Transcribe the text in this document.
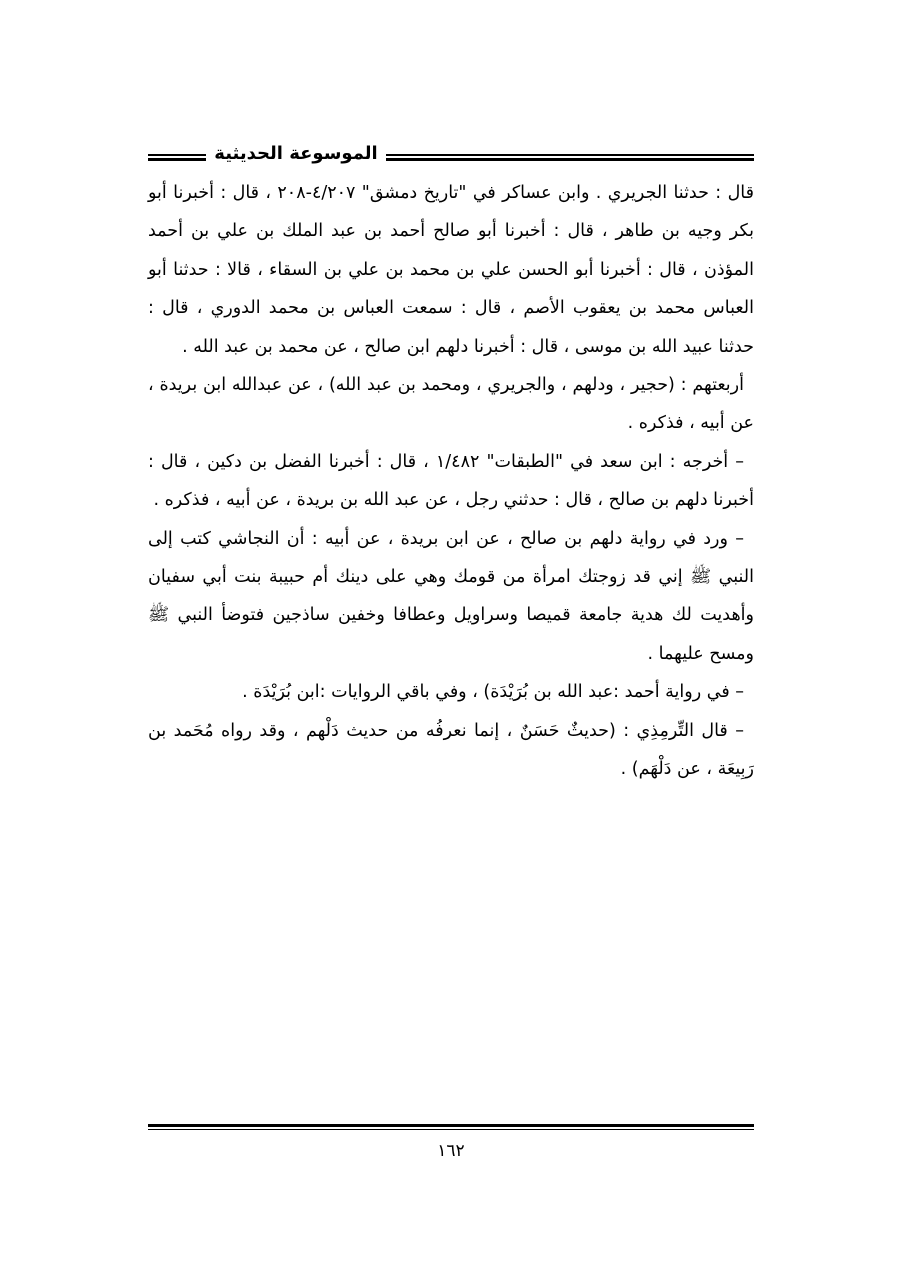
الموسوعة الحديثية

قال : حدثنا الجريري . وابن عساكر في "تاريخ دمشق" ٤/٢٠٧-٢٠٨ ، قال : أخبرنا أبو بكر وجيه بن طاهر ، قال : أخبرنا أبو صالح أحمد بن عبد الملك بن علي بن أحمد المؤذن ، قال : أخبرنا أبو الحسن علي بن محمد بن علي بن السقاء ، قالا : حدثنا أبو العباس محمد بن يعقوب الأصم ، قال : سمعت العباس بن محمد الدوري ، قال : حدثنا عبيد الله بن موسى ، قال : أخبرنا دلهم ابن صالح ، عن محمد بن عبد الله .

أربعتهم : (حجير ، ودلهم ، والجريري ، ومحمد بن عبد الله) ، عن عبدالله ابن بريدة ، عن أبيه ، فذكره .

– أخرجه : ابن سعد في "الطبقات" ١/٤٨٢ ، قال : أخبرنا الفضل بن دكين ، قال : أخبرنا دلهم بن صالح ، قال : حدثني رجل ، عن عبد الله بن بريدة ، عن أبيه ، فذكره .

– ورد في رواية دلهم بن صالح ، عن ابن بريدة ، عن أبيه : أن النجاشي كتب إلى النبي ﷺ إني قد زوجتك امرأة من قومك وهي على دينك أم حبيبة بنت أبي سفيان وأهديت لك هدية جامعة قميصا وسراويل وعطافا وخفين ساذجين فتوضأ النبي ﷺ ومسح عليهما .

– في رواية أحمد :عبد الله بن بُرَيْدَة) ، وفي باقي الروايات :ابن بُرَيْدَة .

– قال التِّرمِذِي : (حديثٌ حَسَنٌ ، إنما نعرفُه من حديث دَلْهم ، وقد رواه مُحَمد بن رَبِيعَة ، عن دَلْهَم) .

١٦٢
